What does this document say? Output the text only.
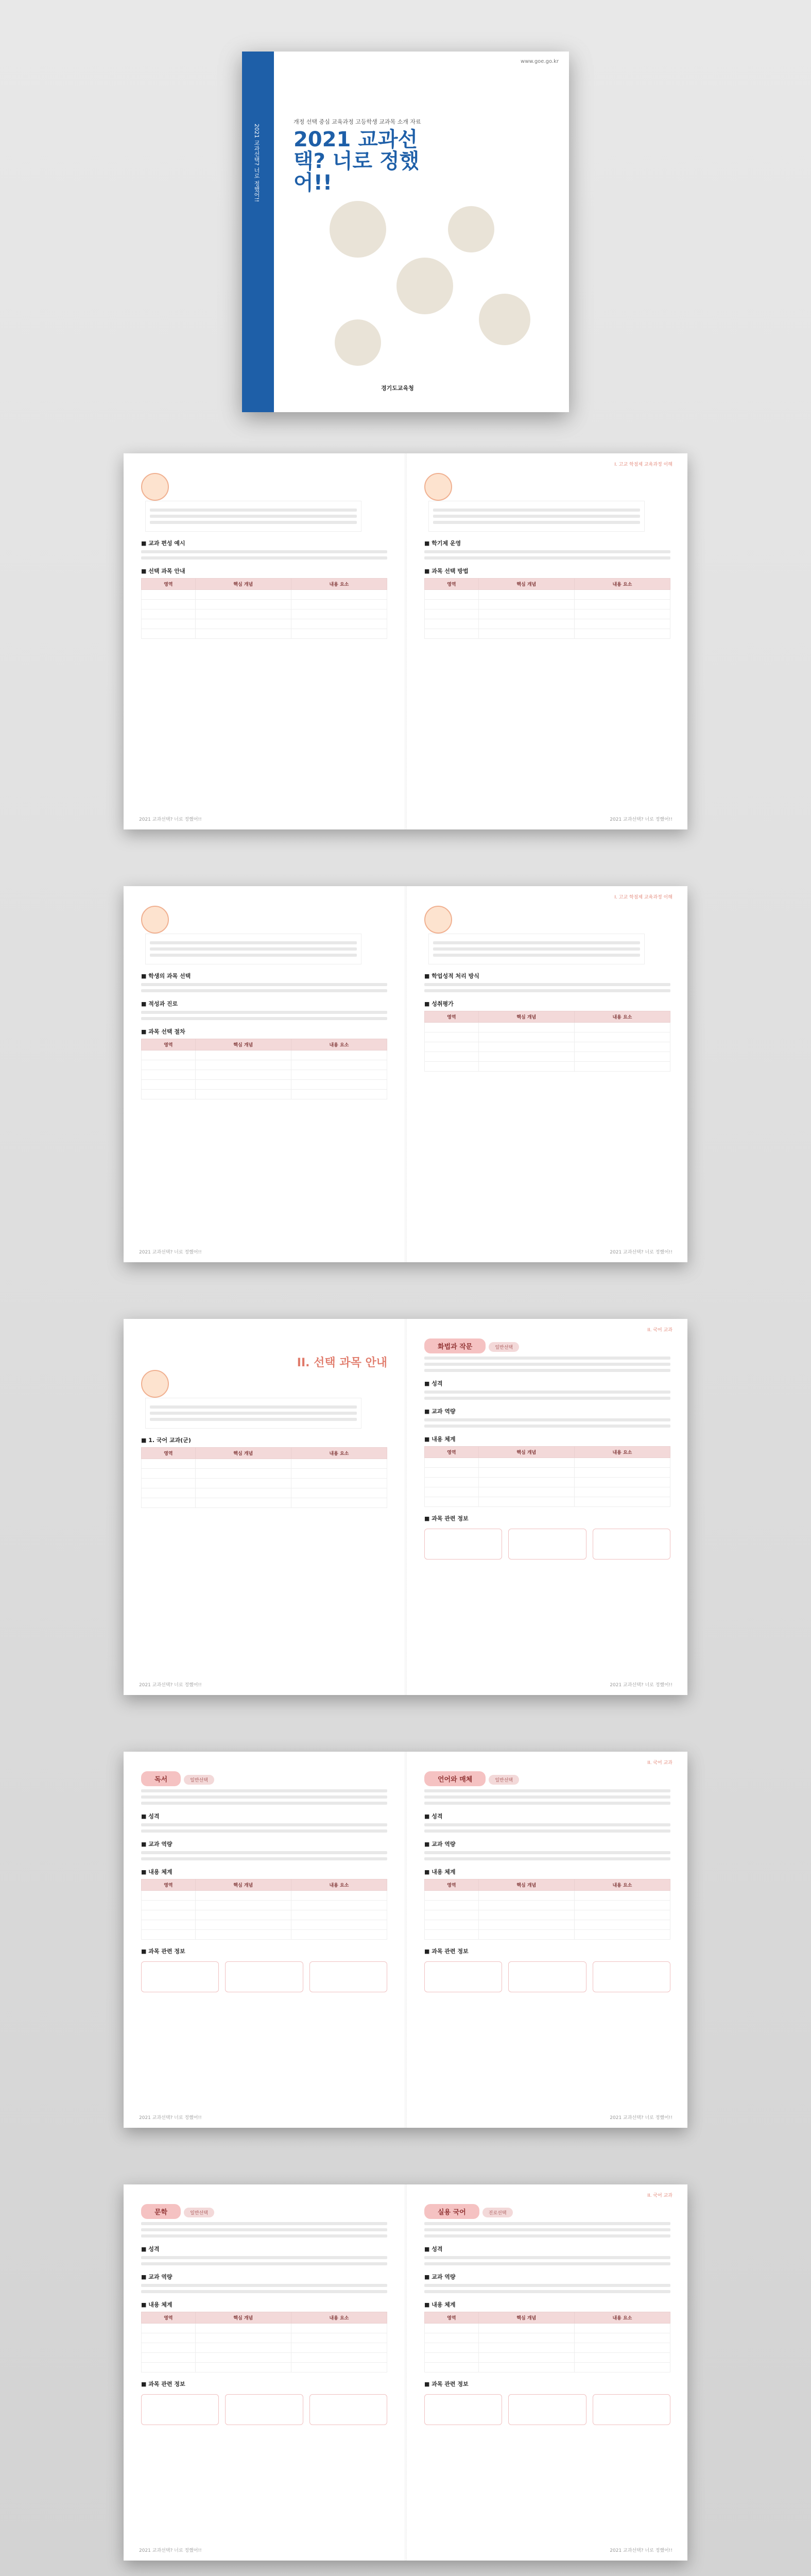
2021 교과선택? 너로 정했어!!
www.goe.go.kr
개정 선택 중심 교육과정 고등학생 교과목 소개 자료
2021 교과선택? 너로 정했어!!
경기도교육청
2021 교과선택? 너로 정했어!!
■ 교과 편성 예시
■ 선택 과목 안내
영역	핵심 개념	내용 요소

I. 고교 학점제 교육과정 이해
2021 교과선택? 너로 정했어!!
■ 학기제 운영
■ 과목 선택 방법
영역	핵심 개념	내용 요소

2021 교과선택? 너로 정했어!!
■ 학생의 과목 선택
■ 적성과 진로
■ 과목 선택 절차
영역	핵심 개념	내용 요소

I. 고교 학점제 교육과정 이해
2021 교과선택? 너로 정했어!!
■ 학업성적 처리 방식
■ 성취평가
영역	핵심 개념	내용 요소

2021 교과선택? 너로 정했어!!
II. 선택 과목 안내
■ 1. 국어 교과(군)
영역	핵심 개념	내용 요소

II. 국어 교과
2021 교과선택? 너로 정했어!!
화법과 작문	일반선택
■ 성격
■ 교과 역량
■ 내용 체계
영역	핵심 개념	내용 요소

■ 과목 관련 정보
2021 교과선택? 너로 정했어!!
독서	일반선택
■ 성격
■ 교과 역량
■ 내용 체계
영역	핵심 개념	내용 요소

■ 과목 관련 정보
II. 국어 교과
2021 교과선택? 너로 정했어!!
언어와 매체	일반선택
■ 성격
■ 교과 역량
■ 내용 체계
영역	핵심 개념	내용 요소

■ 과목 관련 정보
2021 교과선택? 너로 정했어!!
문학	일반선택
■ 성격
■ 교과 역량
■ 내용 체계
영역	핵심 개념	내용 요소

■ 과목 관련 정보
II. 국어 교과
2021 교과선택? 너로 정했어!!
실용 국어	진로선택
■ 성격
■ 교과 역량
■ 내용 체계
영역	핵심 개념	내용 요소

■ 과목 관련 정보
